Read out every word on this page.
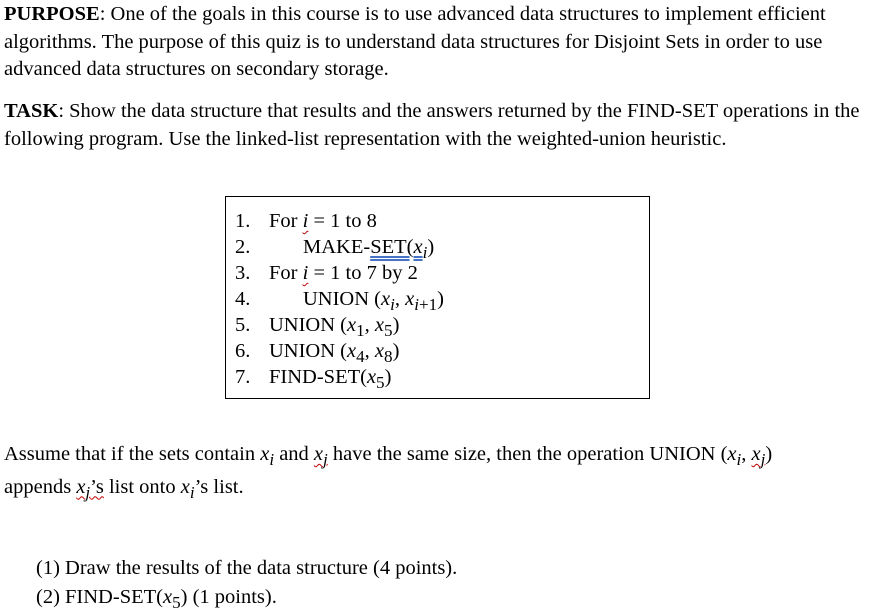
PURPOSE: One of the goals in this course is to use advanced data structures to implement efficient algorithms. The purpose of this quiz is to understand data structures for Disjoint Sets in order to use advanced data structures on secondary storage.
TASK: Show the data structure that results and the answers returned by the FIND-SET operations in the following program. Use the linked-list representation with the weighted-union heuristic.
1. For i = 1 to 8
2.	MAKE-$SET(x_i)$
3. For i = 1 to 7 by 2
4.	UNION ($x_i$, $x_{i+1}$)
5. UNION ($x_1$, $x_5$)
6. UNION ($x_4$, $x_8$)
7. FIND-$SET(x_5)$
Assume that if the sets contain $x_i$ and $x_j$ have the same size, then the operation UNION ($x_i$, $x_j$)
appends $x_j’s$ list onto $x_i’s$ list.
(1) Draw the results of the data structure (4 points).
(2) FIND-$SET(x_5)$ (1 points).
